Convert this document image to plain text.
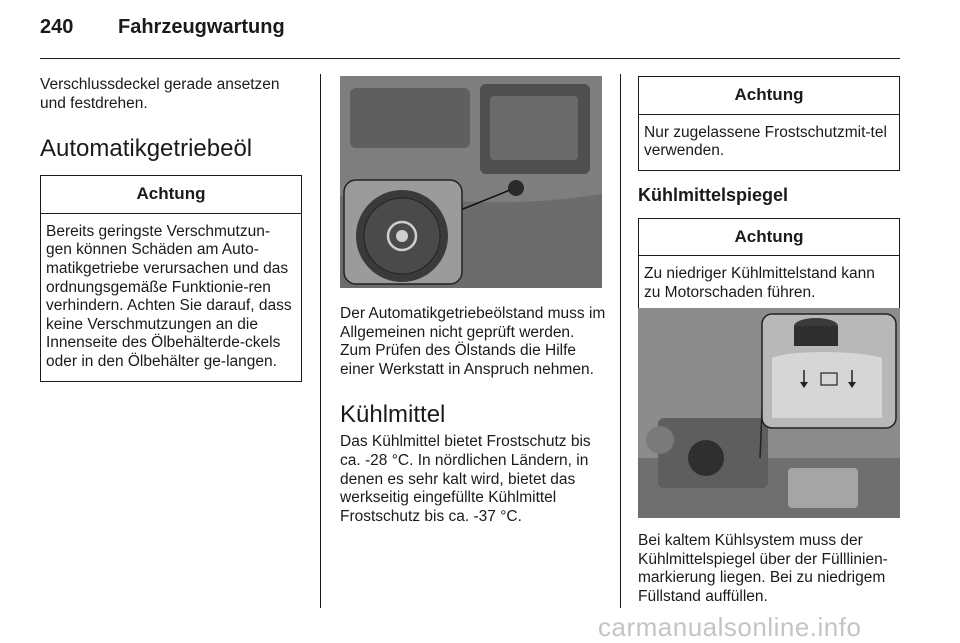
240 Fahrzeugwartung

Verschlussdeckel gerade ansetzen und festdrehen.

Automatikgetriebeöl
Achtung
Bereits geringste Verschmutzun-gen können Schäden am Auto-matikgetriebe verursachen und das ordnungsgemäße Funktionie-ren verhindern. Achten Sie darauf, dass keine Verschmutzungen an die Innenseite des Ölbehälterde-ckels oder in den Ölbehälter ge-langen.

Der Automatikgetriebeölstand muss im Allgemeinen nicht geprüft werden. Zum Prüfen des Ölstands die Hilfe einer Werkstatt in Anspruch nehmen.

Kühlmittel

Das Kühlmittel bietet Frostschutz bis ca. -28 °C. In nördlichen Ländern, in denen es sehr kalt wird, bietet das werkseitig eingefüllte Kühlmittel Frostschutz bis ca. -37 °C.

Achtung
Nur zugelassene Frostschutzmit-tel verwenden.
Kühlmittelspiegel
Achtung
Zu niedriger Kühlmittelstand kann zu Motorschaden führen.

Bei kaltem Kühlsystem muss der Kühlmittelspiegel über der Fülllinien-markierung liegen. Bei zu niedrigem Füllstand auffüllen.

carmanualsonline.info
